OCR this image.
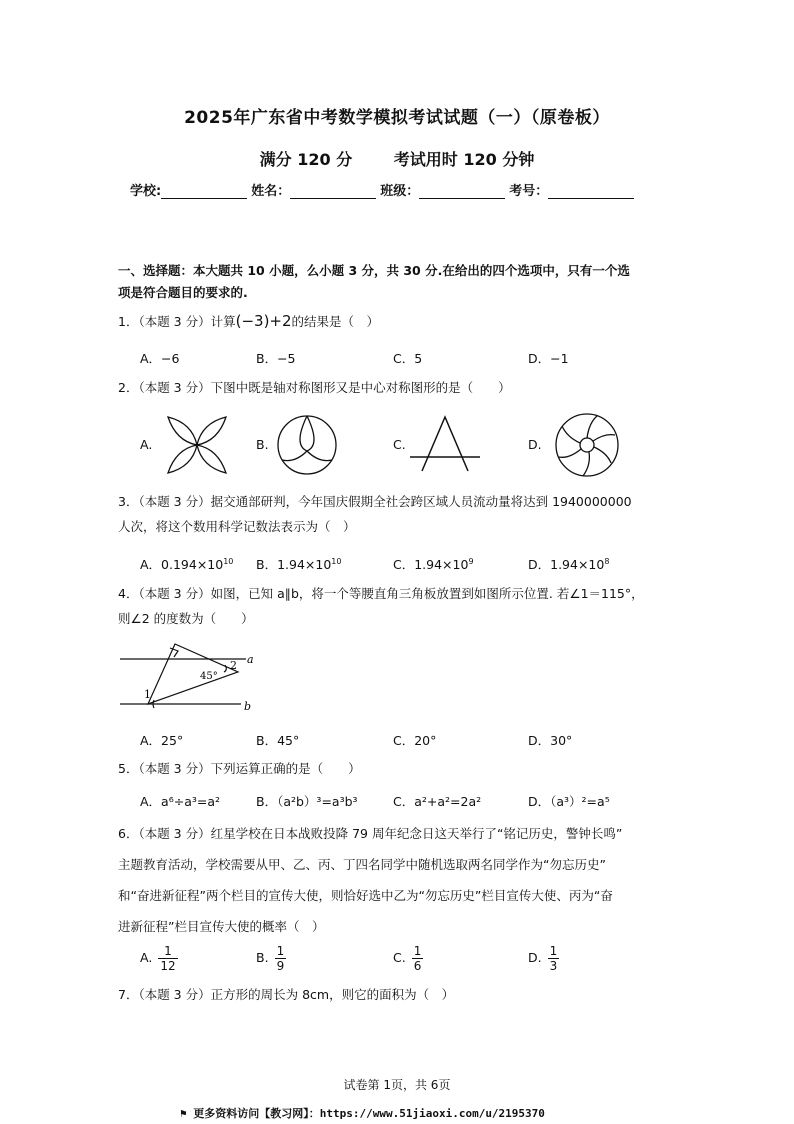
2025年广东省中考数学模拟考试试题（一）（原卷板）
满分 120 分	考试用时 120 分钟
学校:	姓名：	班级：	考号：
一、选择题：本大题共 10 小题，么小题 3 分，共 30 分.在给出的四个选项中，只有一个选
项是符合题目的要求的.
1．（本题 3 分）计算(−3)+2的结果是（　）
A．−6	B．−5	C．5	D．−1
2．（本题 3 分）下图中既是轴对称图形又是中心对称图形的是（　　）
A.	B.	C.	D.
3．（本题 3 分）据交通部研判，今年国庆假期全社会跨区域人员流动量将达到 1940000000
人次，将这个数用科学记数法表示为（　）
A．$0.194\times 10^{10}$ B．$1.94\times 10^{10}$	C．$1.94\times 10^9$	D．$1.94\times 10^8$
4．（本题 3 分）如图，已知 a∥b，将一个等腰直角三角板放置到如图所示位置. 若∠1＝115°，
则∠2 的度数为（　　）
a
b
1
2
45°
A．25°	B．45°	C．20°	D．30°
5．（本题 3 分）下列运算正确的是（　　）
A．a⁶÷a³=a²	B．（a²b）³=a³b³	C．a²+a²=2a²	D．（a³）²=a⁵
6．（本题 3 分）红星学校在日本战败投降 79 周年纪念日这天举行了“铭记历史，警钟长鸣”
主题教育活动，学校需要从甲、乙、丙、丁四名同学中随机选取两名同学作为“勿忘历史”
和“奋进新征程”两个栏目的宣传大使，则恰好选中乙为“勿忘历史”栏目宣传大使、丙为“奋
进新征程”栏目宣传大使的概率（　）
A. $\frac{1}{12}$	B. $\frac{1}{9}$	C. $\frac{1}{6}$	D. $\frac{1}{3}$
7．（本题 3 分）正方形的周长为 8cm，则它的面积为（　）
试卷第 1页，共 6页
⚑ 更多资料访问【教习网】：https://www.51jiaoxi.com/u/2195370
